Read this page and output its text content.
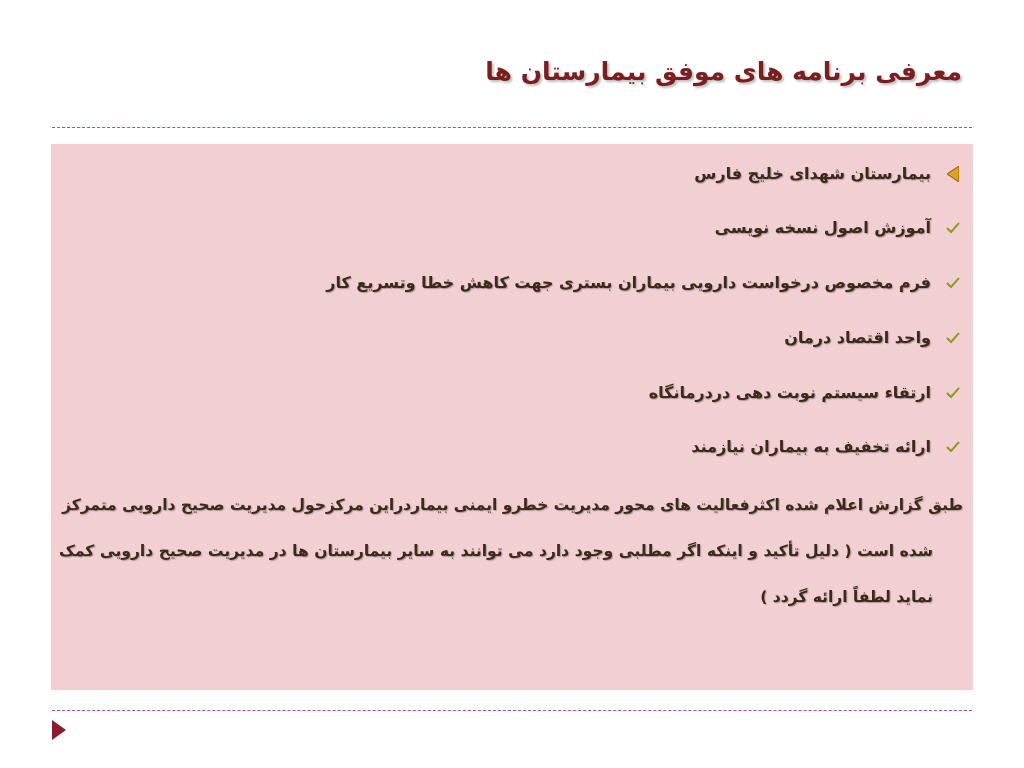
معرفی برنامه های موفق بیمارستان ها
بیمارستان شهدای خلیج فارس
آموزش اصول نسخه نویسی
فرم مخصوص درخواست دارویی بیماران بستری جهت کاهش خطا وتسریع کار
واحد اقتصاد درمان
ارتقاء سیستم نوبت دهی دردرمانگاه
ارائه تخفیف به بیماران نیازمند
طبق گزارش اعلام شده اکثرفعالیت های محور مدیریت خطرو ایمنی بیماردراین مرکزحول مدیریت صحیح دارویی متمرکز
شده است ( دلیل تأکید و اینکه اگر مطلبی وجود دارد می توانند به سایر بیمارستان ها در مدیریت صحیح دارویی کمک نماید لطفاً ارائه گردد )
